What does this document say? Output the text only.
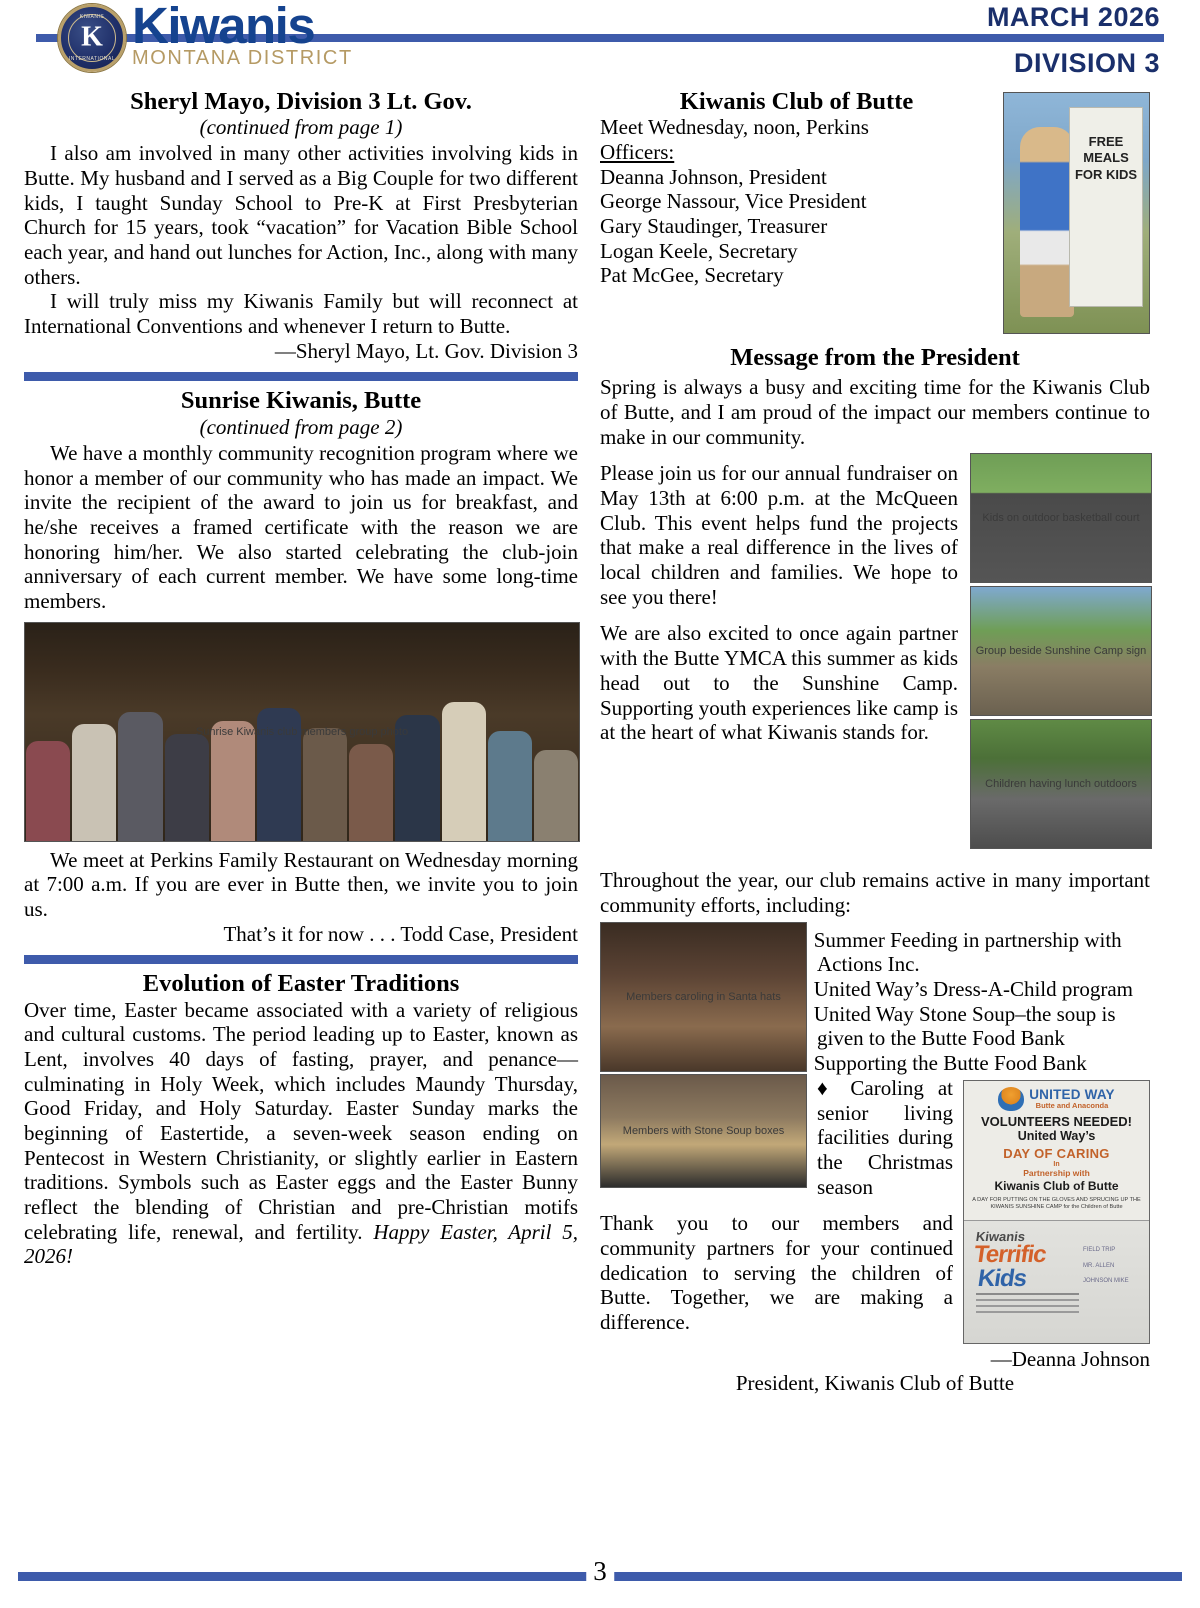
KIWANIS
K
INTERNATIONAL
Kiwanis
MONTANA DISTRICT
MARCH 2026
DIVISION 3
Sheryl Mayo, Division 3 Lt. Gov.
(continued from page 1)

I also am involved in many other activities involving kids in Butte. My husband and I served as a Big Couple for two different kids, I taught Sunday School to Pre-K at First Presbyterian Church for 15 years, took “vacation” for Vacation Bible School each year, and hand out lunches for Action, Inc., along with many others.

I will truly miss my Kiwanis Family but will reconnect at International Conventions and whenever I return to Butte.

—Sheryl Mayo, Lt. Gov. Division 3

Sunrise Kiwanis, Butte
(continued from page 2)

We have a monthly community recognition program where we honor a member of our community who has made an impact. We invite the recipient of the award to join us for breakfast, and he/she receives a framed certificate with the reason we are honoring him/her. We also started celebrating the club-join anniversary of each current member. We have some long-time members.

Sunrise Kiwanis club members group photo

We meet at Perkins Family Restaurant on Wednesday morning at 7:00 a.m. If you are ever in Butte then, we invite you to join us.

That’s it for now . . . Todd Case, President

Evolution of Easter Traditions

Over time, Easter became associated with a variety of religious and cultural customs. The period leading up to Easter, known as Lent, involves 40 days of fasting, prayer, and penance—culminating in Holy Week, which includes Maundy Thursday, Good Friday, and Holy Saturday. Easter Sunday marks the beginning of Eastertide, a seven-week season ending on Pentecost in Western Christianity, or slightly earlier in Eastern traditions. Symbols such as Easter eggs and the Easter Bunny reflect the blending of Christian and pre-Christian motifs celebrating life, renewal, and fertility. Happy Easter, April 5, 2026!

FREE MEALS FOR KIDS
Kiwanis Club of Butte

Meet Wednesday, noon, Perkins

Officers:

Deanna Johnson, President

George Nassour, Vice President

Gary Staudinger, Treasurer

Logan Keele, Secretary

Pat McGee, Secretary

Message from the President

Spring is always a busy and exciting time for the Kiwanis Club of Butte, and I am proud of the impact our members continue to make in our community.

Kids on outdoor basketball court
Group beside Sunshine Camp sign
Children having lunch outdoors

Please join us for our annual fundraiser on May 13th at 6:00 p.m. at the McQueen Club. This event helps fund the projects that make a real difference in the lives of local children and families. We hope to see you there!

We are also excited to once again partner with the Butte YMCA this summer as kids head out to the Sunshine Camp. Supporting youth experiences like camp is at the heart of what Kiwanis stands for.

Throughout the year, our club remains active in many important community efforts, including:

Members caroling in Santa hats
Members with Stone Soup boxes
Summer Feeding in partnership with Actions Inc.
United Way’s Dress-A-Child program
United Way Stone Soup–the soup is given to the Butte Food Bank
Supporting the Butte Food Bank
UNITED WAY
Butte and Anaconda
VOLUNTEERS NEEDED!
United Way’s
DAY OF CARING
In
Partnership with
Kiwanis Club of Butte
A DAY FOR PUTTING ON THE GLOVES AND SPRUCING UP THE KIWANIS SUNSHINE CAMP for the Children of Butte
Kiwanis
Terrific
Kids
FIELD TRIP
MR. ALLEN
JOHNSON MIKE

♦ Caroling at senior living facilities during the Christmas season

Thank you to our members and community partners for your continued dedication to serving the children of Butte. Together, we are making a difference.

—Deanna Johnson

President, Kiwanis Club of Butte

3
